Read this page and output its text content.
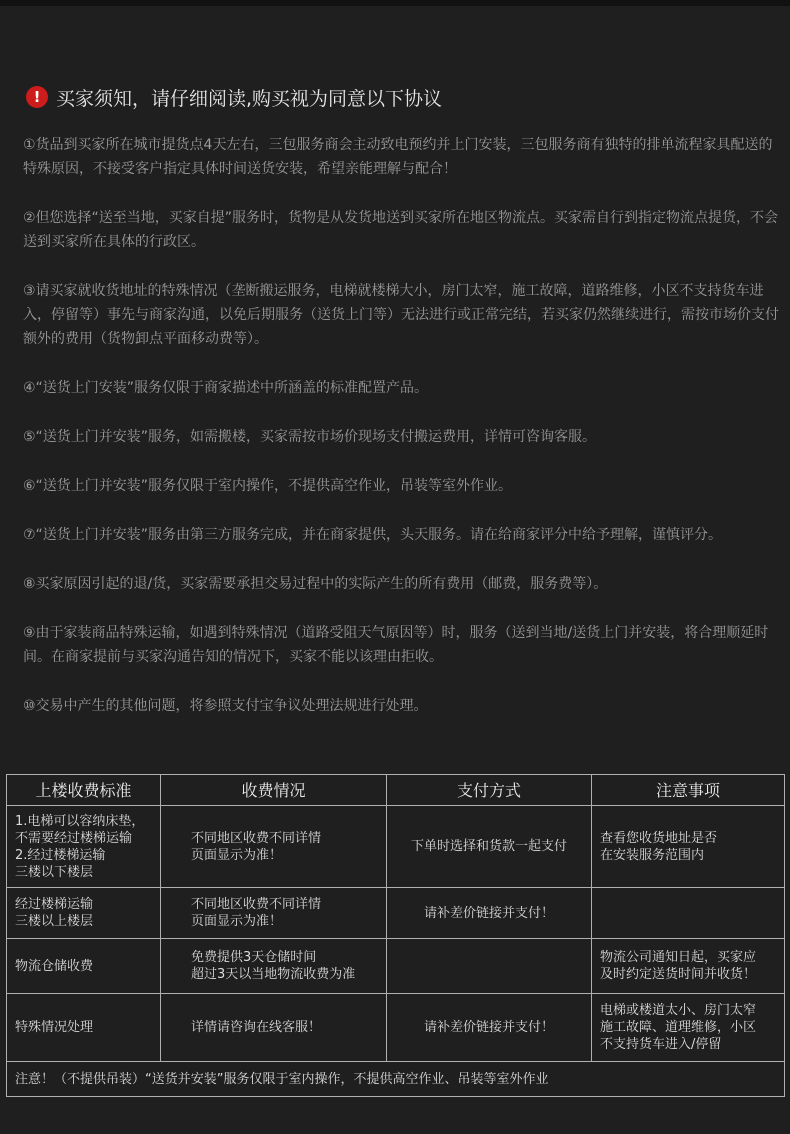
! 买家须知，请仔细阅读,购买视为同意以下协议

①货品到买家所在城市提货点4天左右，三包服务商会主动致电预约并上门安装，三包服务商有独特的排单流程家具配送的特殊原因，不接受客户指定具体时间送货安装，希望亲能理解与配合！

②但您选择“送至当地，买家自提”服务时，货物是从发货地送到买家所在地区物流点。买家需自行到指定物流点提货，不会送到买家所在具体的行政区。

③请买家就收货地址的特殊情况（垄断搬运服务，电梯就楼梯大小，房门太窄，施工故障，道路维修，小区不支持货车进入，停留等）事先与商家沟通，以免后期服务（送货上门等）无法进行或正常完结，若买家仍然继续进行，需按市场价支付额外的费用（货物卸点平面移动费等）。

④“送货上门安装”服务仅限于商家描述中所涵盖的标准配置产品。

⑤“送货上门并安装”服务，如需搬楼，买家需按市场价现场支付搬运费用，详情可咨询客服。

⑥“送货上门并安装”服务仅限于室内操作，不提供高空作业，吊装等室外作业。

⑦“送货上门并安装”服务由第三方服务完成，并在商家提供，头天服务。请在给商家评分中给予理解，谨慎评分。

⑧买家原因引起的退/货，买家需要承担交易过程中的实际产生的所有费用（邮费，服务费等）。

⑨由于家装商品特殊运输，如遇到特殊情况（道路受阻天气原因等）时，服务（送到当地/送货上门并安装，将合理顺延时间。在商家提前与买家沟通告知的情况下，买家不能以该理由拒收。

⑩交易中产生的其他问题，将参照支付宝争议处理法规进行处理。

上楼收费标准	收费情况	支付方式	注意事项

1.电梯可以容纳床垫，
不需要经过楼梯运输
2.经过楼梯运输
三楼以下楼层	不同地区收费不同详情
页面显示为准！	下单时选择和货款一起支付	查看您收货地址是否
在安装服务范围内

经过楼梯运输
三楼以上楼层	不同地区收费不同详情
页面显示为准！	请补差价链接并支付！	

物流仓储收费	免费提供3天仓储时间
超过3天以当地物流收费为准		物流公司通知日起，买家应
及时约定送货时间并收货！

特殊情况处理	详情请咨询在线客服！	请补差价链接并支付！	电梯或楼道太小、房门太窄
施工故障、道理维修，小区
不支持货车进入/停留

注意！（不提供吊装）“送货并安装”服务仅限于室内操作，不提供高空作业、吊装等室外作业			
